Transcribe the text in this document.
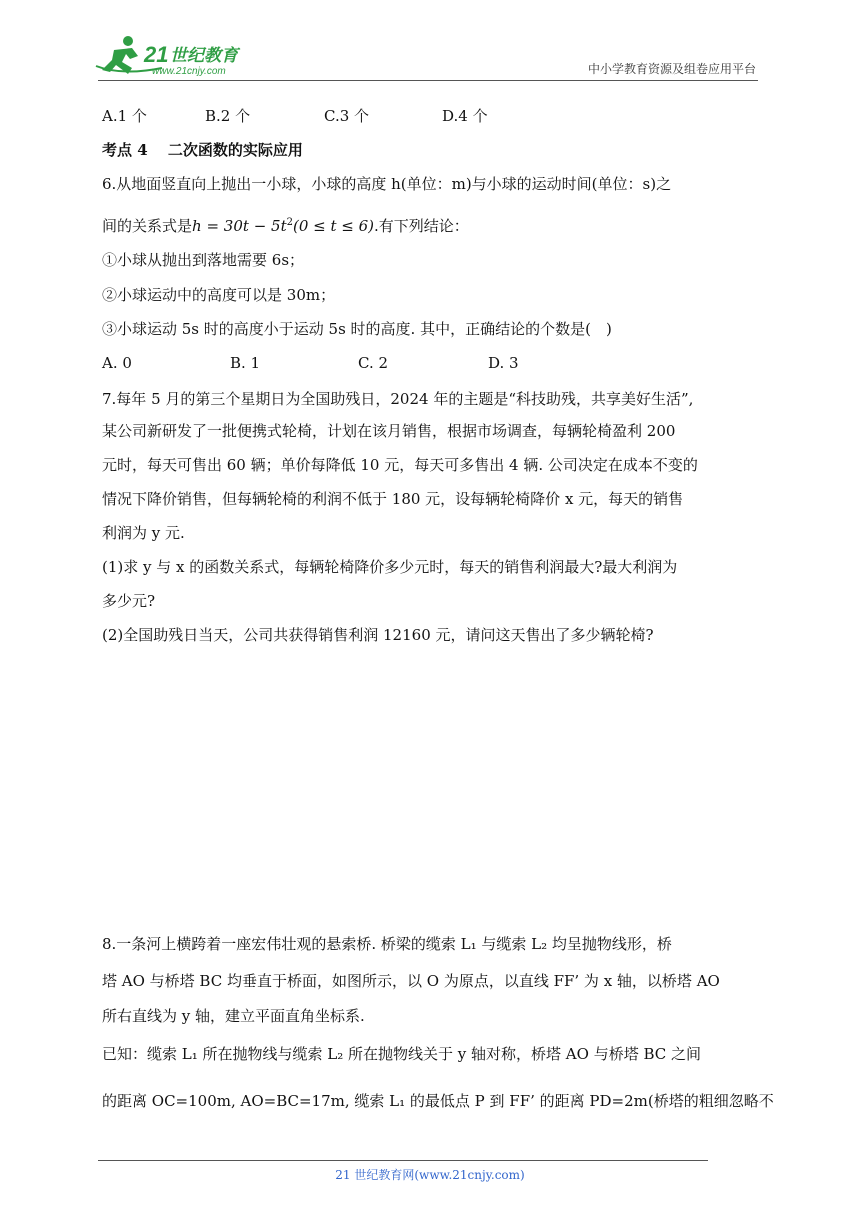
21 世纪教育
www.21cnjy.com	中小学教育资源及组卷应用平台
A.1 个	B.2 个	C.3 个	D.4 个
考点 4　 二次函数的实际应用
6.从地面竖直向上抛出一小球，小球的高度 h(单位：m)与小球的运动时间(单位：s)之
间的关系式是$h = 30t - 5t^2(0 \le t \le 6)$.有下列结论：
①小球从抛出到落地需要 6s；
②小球运动中的高度可以是 30m；
③小球运动 5s 时的高度小于运动 5s 时的高度. 其中，正确结论的个数是(　)
A. 0	B. 1	C. 2	D. 3
7.每年 5 月的第三个星期日为全国助残日，2024 年的主题是“科技助残，共享美好生活”,
某公司新研发了一批便携式轮椅，计划在该月销售，根据市场调查，每辆轮椅盈利 200
元时，每天可售出 60 辆；单价每降低 10 元，每天可多售出 4 辆. 公司决定在成本不变的
情况下降价销售，但每辆轮椅的利润不低于 180 元，设每辆轮椅降价 x 元，每天的销售
利润为 y 元.
(1)求 y 与 x 的函数关系式，每辆轮椅降价多少元时，每天的销售利润最大?最大利润为
多少元?
(2)全国助残日当天，公司共获得销售利润 12160 元，请问这天售出了多少辆轮椅?
8.一条河上横跨着一座宏伟壮观的悬索桥. 桥梁的缆索 L₁ 与缆索 L₂ 均呈抛物线形，桥
塔 AO 与桥塔 BC 均垂直于桥面，如图所示，以 O 为原点，以直线 FF’ 为 x 轴，以桥塔 AO
所右直线为 y 轴，建立平面直角坐标系.
已知：缆索 L₁ 所在抛物线与缆索 L₂ 所在抛物线关于 y 轴对称，桥塔 AO 与桥塔 BC 之间
的距离 OC=100m, AO=BC=17m, 缆索 L₁ 的最低点 P 到 FF’ 的距离 PD=2m(桥塔的粗细忽略不
21 世纪教育网(www.21cnjy.com)
